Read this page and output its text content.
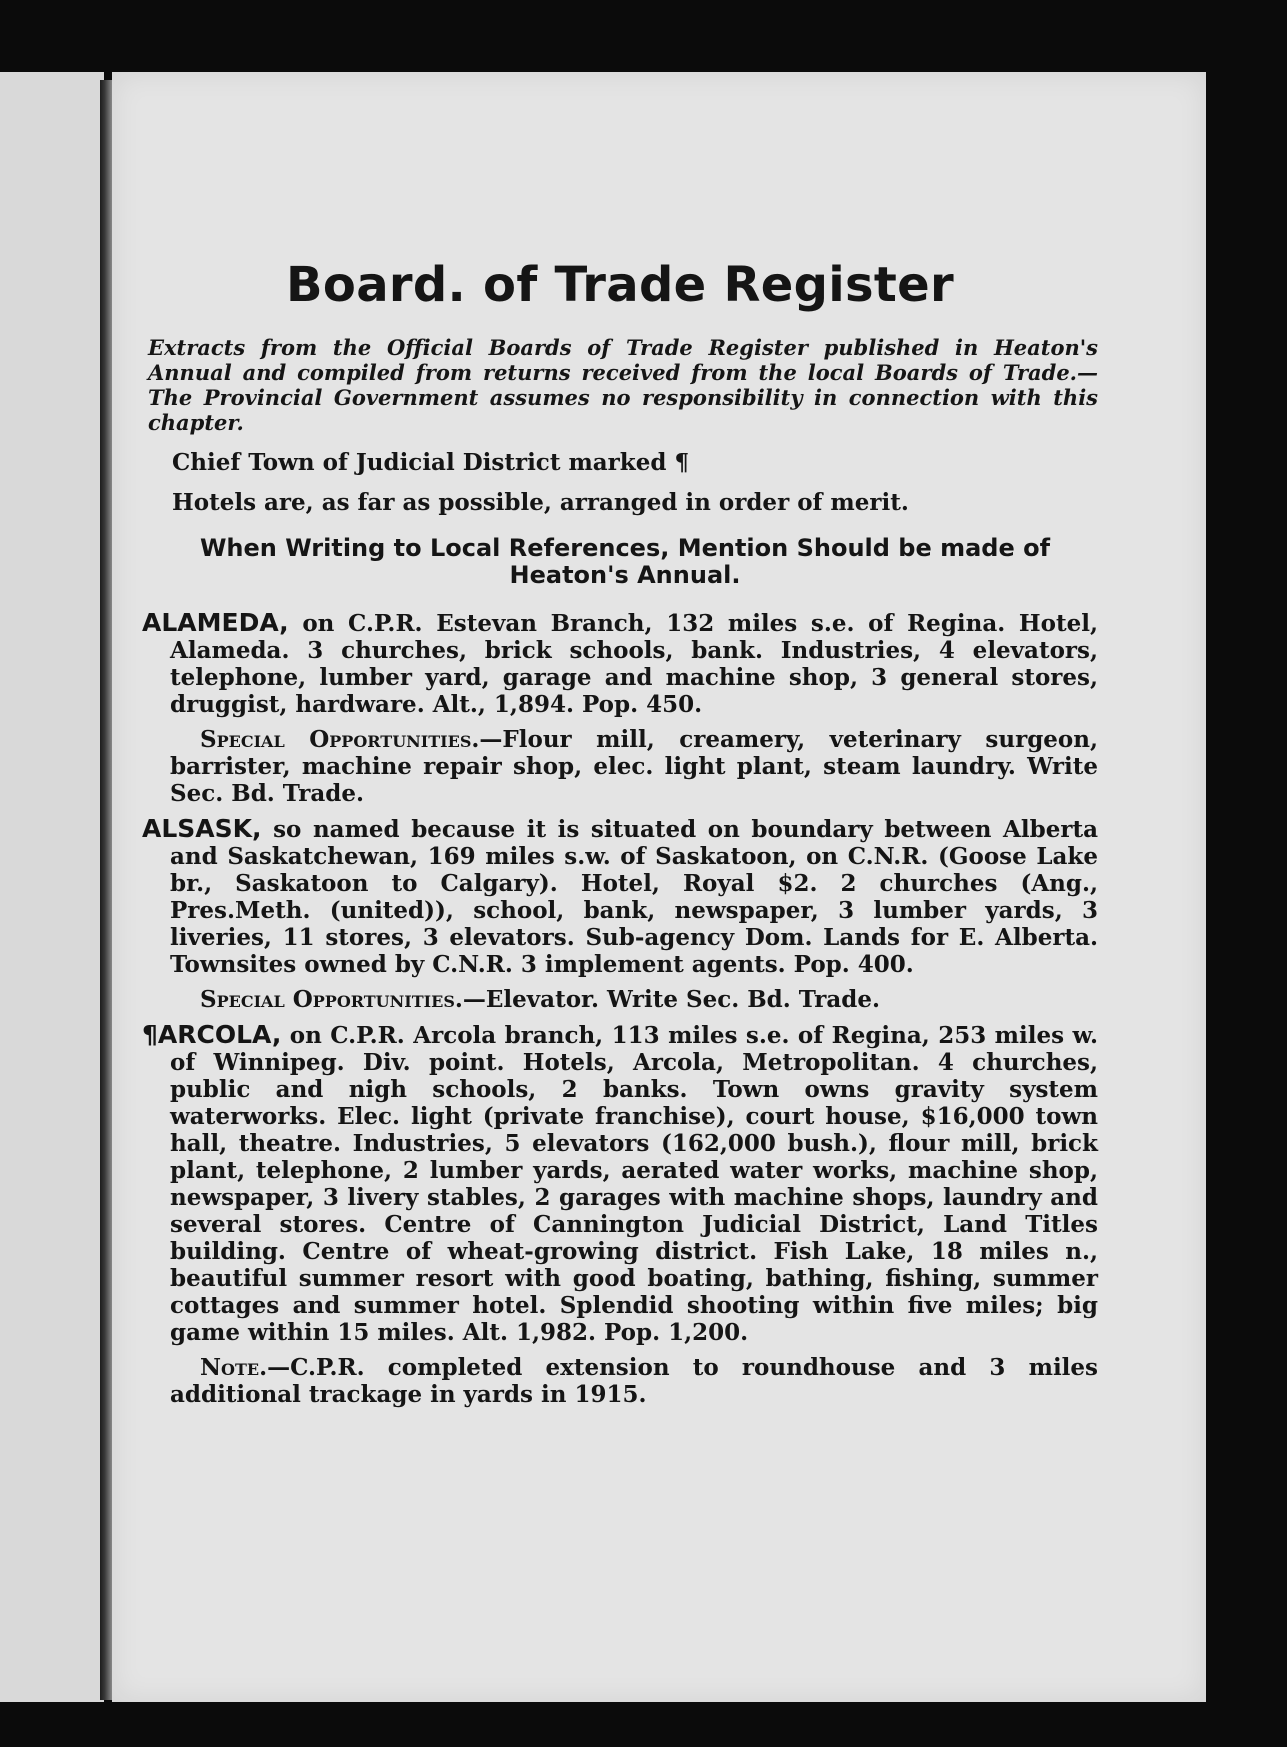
Board. of Trade Register
Extracts from the Official Boards of Trade Register published in Heaton's Annual and compiled from returns received from the local Boards of Trade.—The Provincial Government assumes no responsibility in connection with this chapter.
Chief Town of Judicial District marked ¶
Hotels are, as far as possible, arranged in order of merit.
When Writing to Local References, Mention Should be made of Heaton's Annual.
ALAMEDA, on C.P.R. Estevan Branch, 132 miles s.e. of Regina. Hotel, Alameda. 3 churches, brick schools, bank. Industries, 4 elevators, telephone, lumber yard, garage and machine shop, 3 general stores, druggist, hardware. Alt., 1,894. Pop. 450.
Special Opportunities.—Flour mill, creamery, veterinary surgeon, barrister, machine repair shop, elec. light plant, steam laundry. Write Sec. Bd. Trade.
ALSASK, so named because it is situated on boundary between Alberta and Saskatchewan, 169 miles s.w. of Saskatoon, on C.N.R. (Goose Lake br., Saskatoon to Calgary). Hotel, Royal $2. 2 churches (Ang., Pres.Meth. (united)), school, bank, newspaper, 3 lumber yards, 3 liveries, 11 stores, 3 elevators. Sub-agency Dom. Lands for E. Alberta. Townsites owned by C.N.R. 3 implement agents. Pop. 400.
Special Opportunities.—Elevator. Write Sec. Bd. Trade.
¶ARCOLA, on C.P.R. Arcola branch, 113 miles s.e. of Regina, 253 miles w. of Winnipeg. Div. point. Hotels, Arcola, Metropolitan. 4 churches, public and nigh schools, 2 banks. Town owns gravity system waterworks. Elec. light (private franchise), court house, $16,000 town hall, theatre. Industries, 5 elevators (162,000 bush.), flour mill, brick plant, telephone, 2 lumber yards, aerated water works, machine shop, newspaper, 3 livery stables, 2 garages with machine shops, laundry and several stores. Centre of Cannington Judicial District, Land Titles building. Centre of wheat-growing district. Fish Lake, 18 miles n., beautiful summer resort with good boating, bathing, fishing, summer cottages and summer hotel. Splendid shooting within five miles; big game within 15 miles. Alt. 1,982. Pop. 1,200.
Note.—C.P.R. completed extension to roundhouse and 3 miles additional trackage in yards in 1915.
